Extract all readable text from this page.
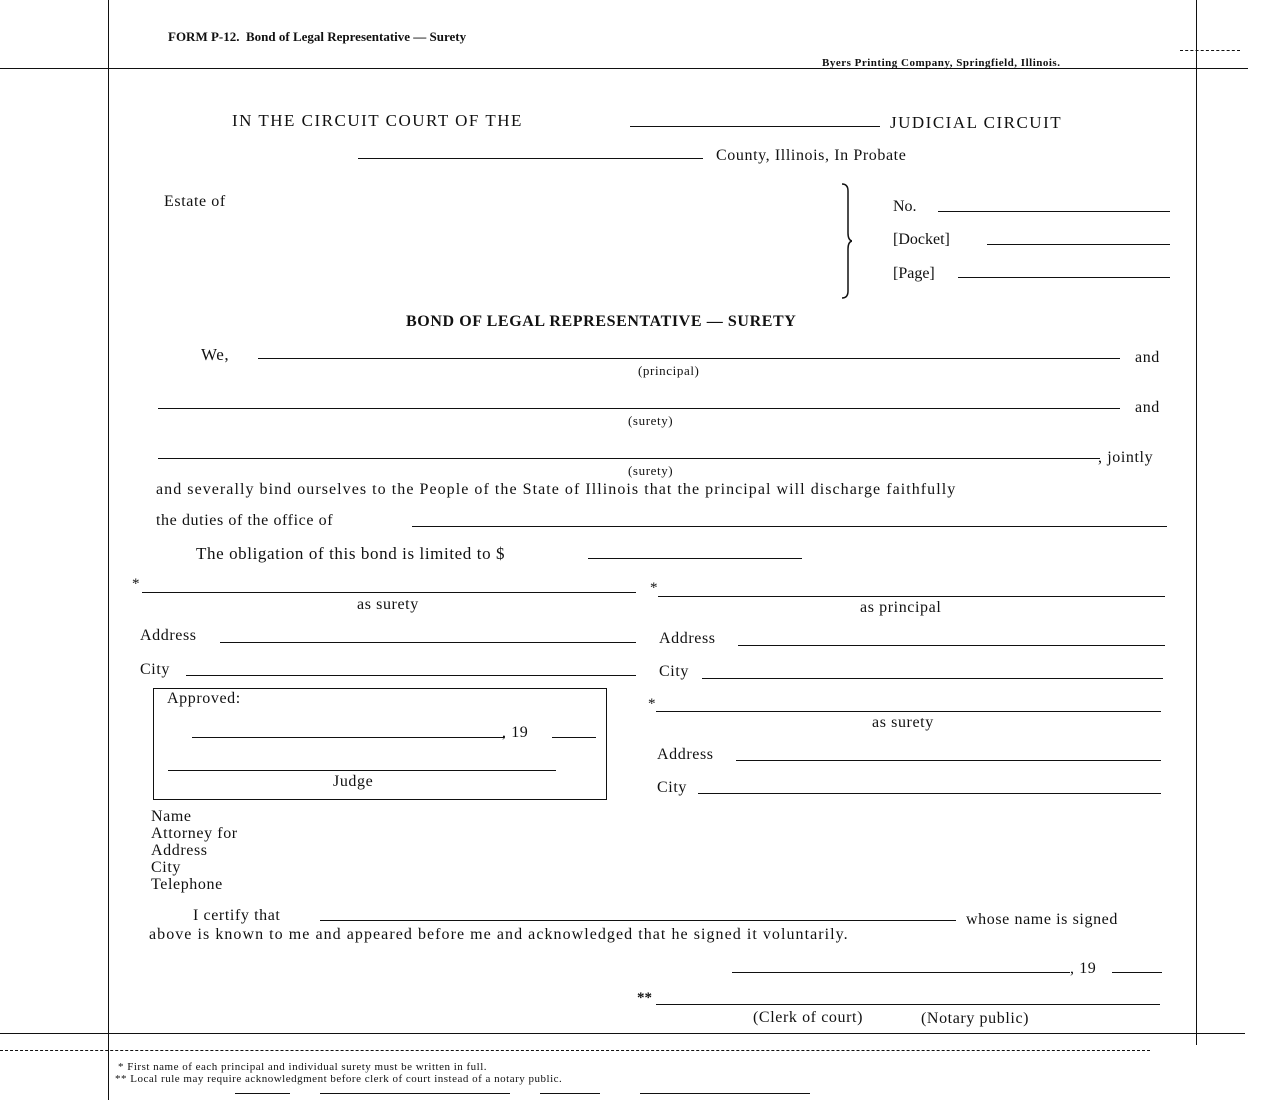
FORM P-12. Bond of Legal Representative — Surety
Byers Printing Company, Springfield, Illinois.
IN THE CIRCUIT COURT OF THE	JUDICIAL CIRCUIT
County, Illinois, In Probate
Estate of	No.
[Docket]
[Page]
BOND OF LEGAL REPRESENTATIVE — SURETY
We,	and
(principal)
and
(surety)
, jointly
(surety)
and severally bind ourselves to the People of the State of Illinois that the principal will discharge faithfully
the duties of the office of
The obligation of this bond is limited to $
*
as surety
Address
City
*
as principal
Address
City
*
as surety
Address
City
Approved:
, 19
Judge
Name
Attorney for
Address
City
Telephone
I certify that	whose name is signed
above is known to me and appeared before me and acknowledged that he signed it voluntarily.
, 19
**
(Clerk of court)	(Notary public)
* First name of each principal and individual surety must be written in full.
** Local rule may require acknowledgment before clerk of court instead of a notary public.
